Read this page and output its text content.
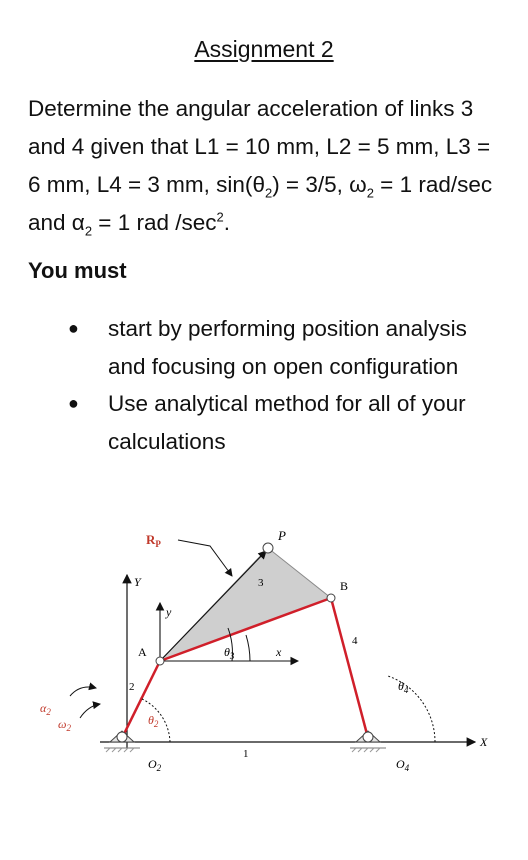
Assignment 2
Determine the angular acceleration of links 3 and 4 given that L1 = 10 mm, L2 = 5 mm, L3 = 6 mm, L4 = 3 mm, $\sin(\theta_2) = 3/5$, $\omega_2 = 1$ rad/sec and $\alpha_2 = 1$ rad $/\sec^2$.
You must
● start by performing position analysis and focusing on open configuration
● Use analytical method for all of your calculations
$R_P$
P
B
A
Y
y
x
X
1
2
3
4
$\theta_3$
$\theta_4$
$\theta_2$
$\alpha_2$
$\omega_2$
$O_2$	$O_4$
